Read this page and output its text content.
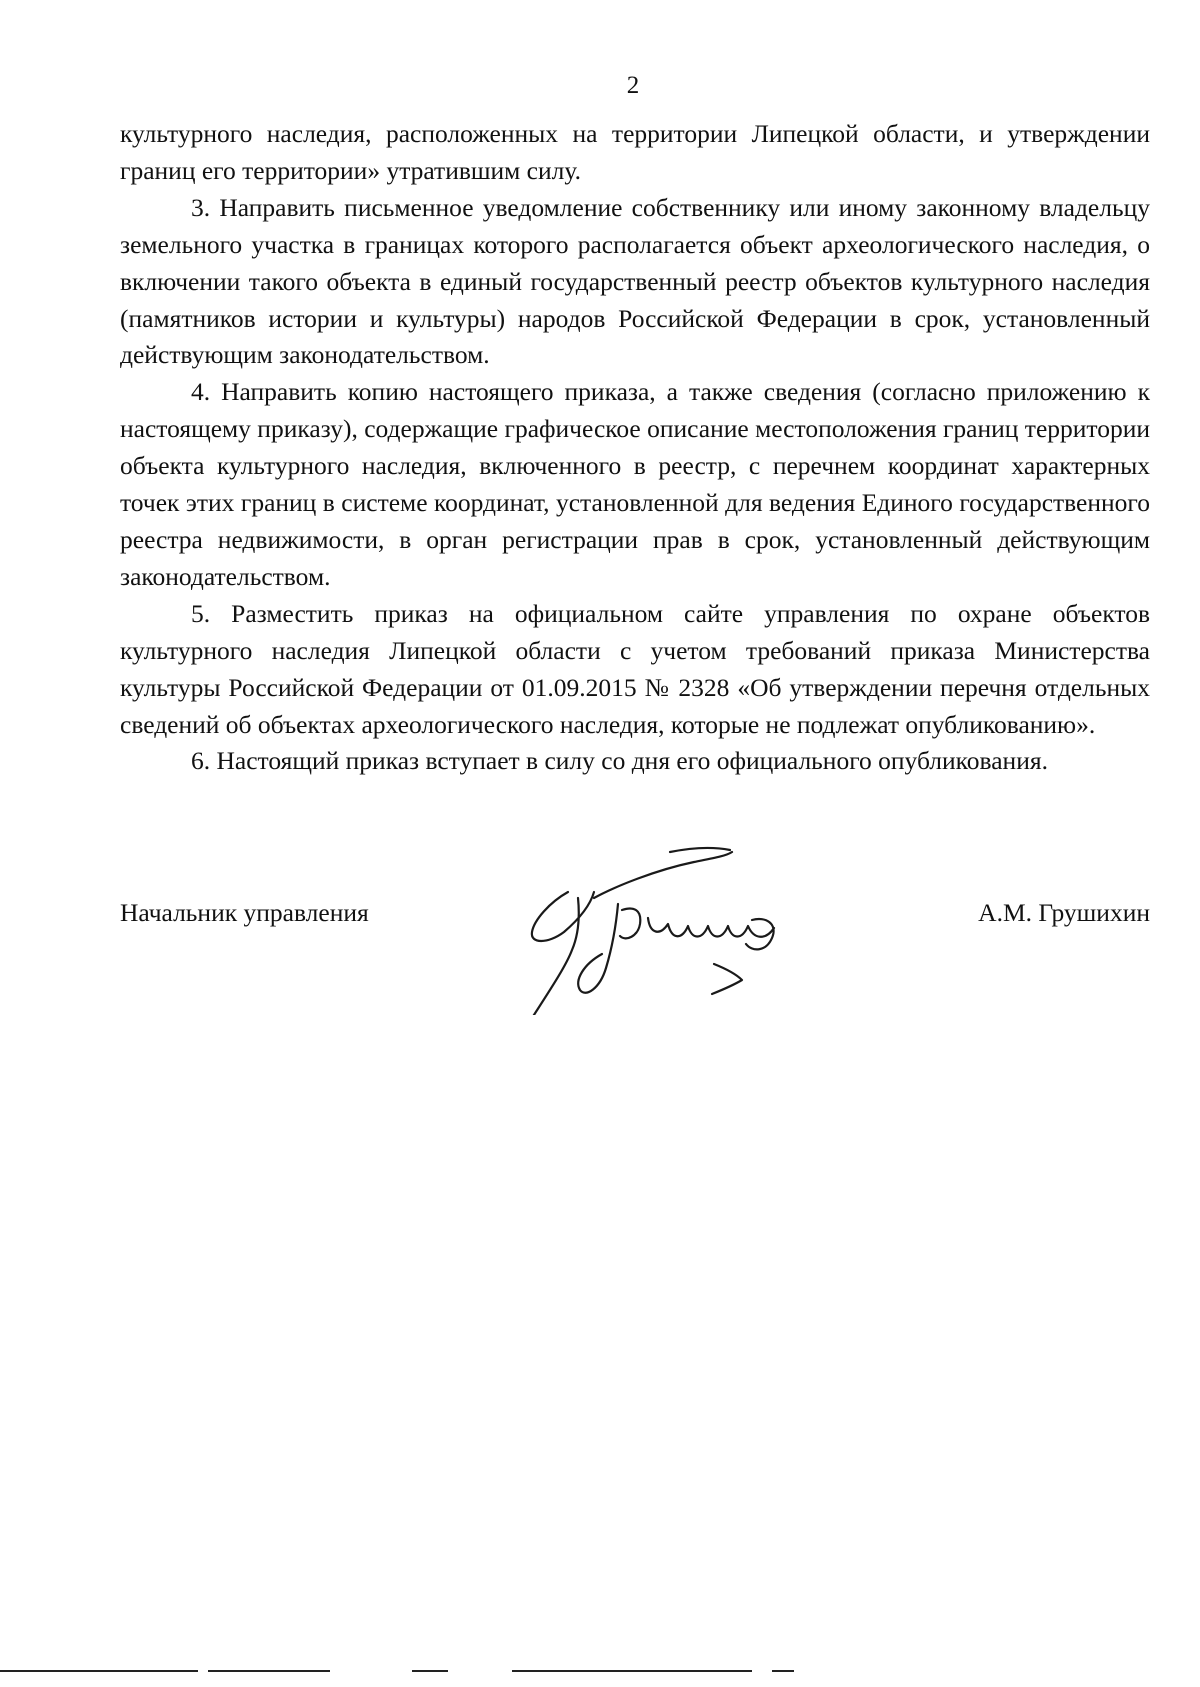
2

культурного наследия, расположенных на территории Липецкой области, и утверждении границ его территории» утратившим силу.

3. Направить письменное уведомление собственнику или иному законному владельцу земельного участка в границах которого располагается объект археологического наследия, о включении такого объекта в единый государственный реестр объектов культурного наследия (памятников истории и культуры) народов Российской Федерации в срок, установленный действующим законодательством.

4. Направить копию настоящего приказа, а также сведения (согласно приложению к настоящему приказу), содержащие графическое описание местоположения границ территории объекта культурного наследия, включенного в реестр, с перечнем координат характерных точек этих границ в системе координат, установленной для ведения Единого государственного реестра недвижимости, в орган регистрации прав в срок, установленный действующим законодательством.

5. Разместить приказ на официальном сайте управления по охране объектов культурного наследия Липецкой области с учетом требований приказа Министерства культуры Российской Федерации от 01.09.2015 № 2328 «Об утверждении перечня отдельных сведений об объектах археологического наследия, которые не подлежат опубликованию».

6. Настоящий приказ вступает в силу со дня его официального опубликования.

Начальник управления	А.М. Грушихин
